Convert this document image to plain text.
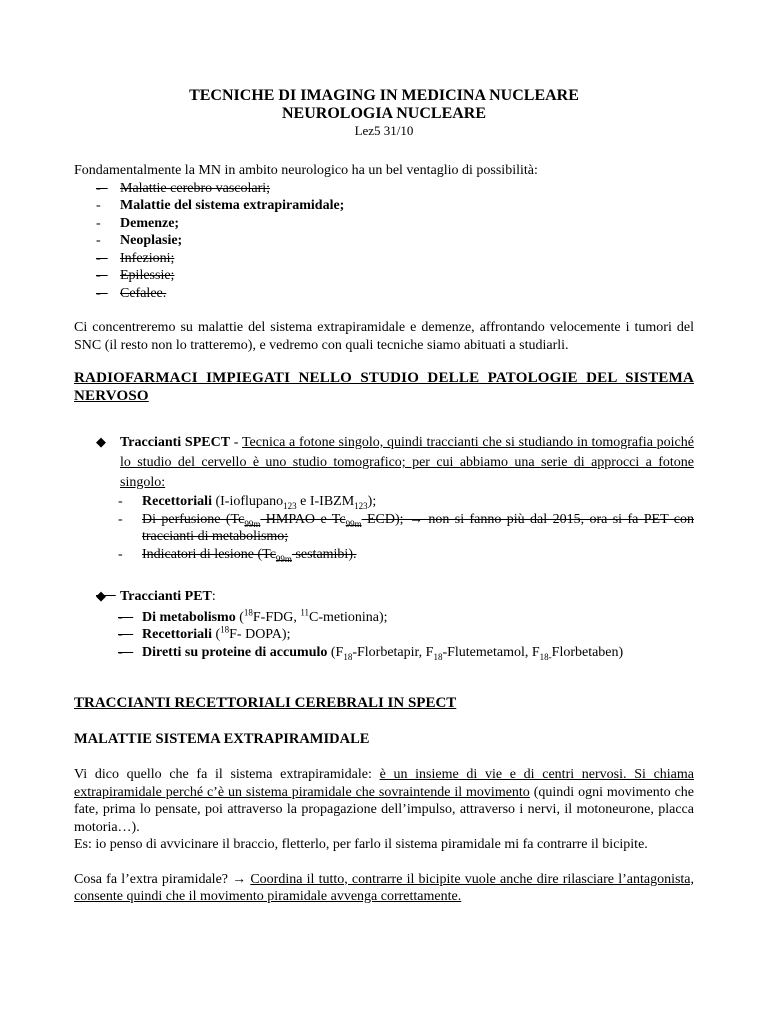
TECNICHE DI IMAGING IN MEDICINA NUCLEARE
NEUROLOGIA NUCLEARE
Lez5 31/10
Fondamentalmente la MN in ambito neurologico ha un bel ventaglio di possibilità:
- Malattie cerebro vascolari;
- Malattie del sistema extrapiramidale;
- Demenze;
- Neoplasie;
- Infezioni;
- Epilessie;
- Cefalee.
Ci concentreremo su malattie del sistema extrapiramidale e demenze, affrontando velocemente i tumori del SNC (il resto non lo tratteremo), e vedremo con quali tecniche siamo abituati a studiarli.
RADIOFARMACI IMPIEGATI NELLO STUDIO DELLE PATOLOGIE DEL SISTEMA NERVOSO
◆ Traccianti SPECT - Tecnica a fotone singolo, quindi traccianti che si studiando in tomografia poiché lo studio del cervello è uno studio tomografico; per cui abbiamo una serie di approcci a fotone singolo:
- Recettoriali (I-ioflupano$_{123}$ e $I-IBZM_{123}$);
- Di perfusione ($Tc_{99m}$ HMPAO e $Tc_{99m}$ ECD); → non si fanno più dal 2015, ora si fa PET con traccianti di metabolismo;
- Indicatori di lesione ($Tc_{99m}$ sestamibi).
◆ Traccianti PET:
- Di metabolismo ($^{18}$F-FDG, $^{11}$C-metionina);
- Recettoriali ($^{18}$F- DOPA);
- Diretti su proteine di accumulo ($F_{18}$-Florbetapir, $F_{18}$-Flutemetamol, $F_{18-}Florbetaben$)
TRACCIANTI RECETTORIALI CEREBRALI IN SPECT
MALATTIE SISTEMA EXTRAPIRAMIDALE
Vi dico quello che fa il sistema extrapiramidale: è un insieme di vie e di centri nervosi. Si chiama extrapiramidale perché c’è un sistema piramidale che sovraintende il movimento (quindi ogni movimento che fate, prima lo pensate, poi attraverso la propagazione dell’impulso, attraverso i nervi, il motoneurone, placca motoria…).
Es: io penso di avvicinare il braccio, fletterlo, per farlo il sistema piramidale mi fa contrarre il bicipite.
Cosa fa l’extra piramidale? → Coordina il tutto, contrarre il bicipite vuole anche dire rilasciare l’antagonista, consente quindi che il movimento piramidale avvenga correttamente.
